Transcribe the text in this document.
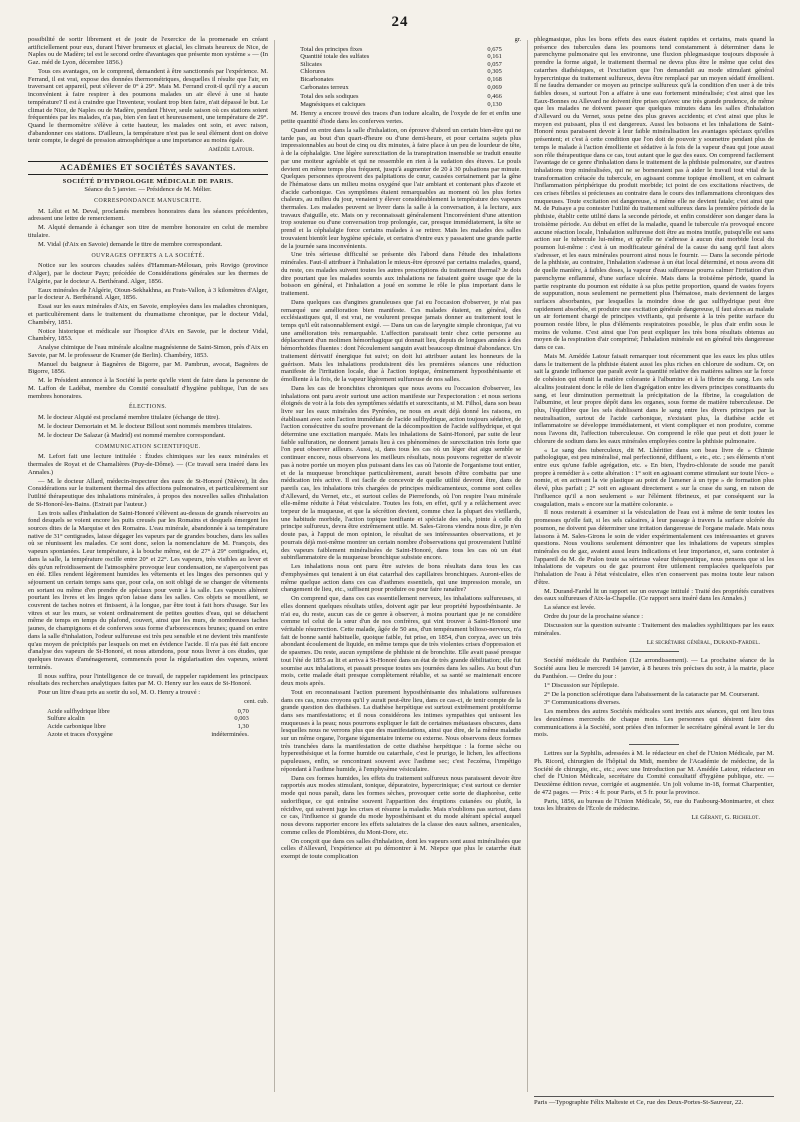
24

possibilité de sortir librement et de jouir de l'exercice de la promenade en créant artificiellement pour eux, durant l'hiver brumeux et glacial, les climats heureux de Nice, de Naples ou de Madère; tel est le second ordre d'avantages que présente mon système » — (In Gaz. méd de Lyon, décembre 1856.)

Tous ces avantages, on le comprend, demandent à être sanctionnés par l'expérience. M. Ferrand, il est vrai, expose des données thermométriques, desquelles il résulte que l'air, en traversant cet appareil, peut s'élever de 0° à 29°. Mais M. Ferrand croit-il qu'il n'y a aucun inconvénient à faire respirer à des poumons malades un air élevé à une si haute température? Il est à craindre que l'inventeur, voulant trop bien faire, n'ait dépassé le but. Le climat de Nice, de Naples ou de Madère, pendant l'hiver, seule saison où ces stations soient fréquentées par les malades, n'a pas, bien s'en faut et heureusement, une température de 29°. Quand le thermomètre s'élève à cette hauteur, les malades ont soin, et avec raison, d'abandonner ces stations. D'ailleurs, la température n'est pas le seul élément dont on doive tenir compte, le degré de pression atmosphérique a une importance au moins égale.

Amédée Latour.

ACADÉMIES ET SOCIÉTÉS SAVANTES.
SOCIÉTÉ D'HYDROLOGIE MÉDICALE DE PARIS.
Séance du 5 janvier. — Présidence de M. Mélier.
CORRESPONDANCE MANUSCRITE.

M. Lélut et M. Deval, proclamés membres honoraires dans les séances précédentes, adressent une lettre de remerciement.

M. Alquié demande à échanger son titre de membre honoraire en celui de membre titulaire.

M. Vidal (d'Aix en Savoie) demande le titre de membre correspondant.

OUVRAGES OFFERTS A LA SOCIÉTÉ.

Notice sur les sources chaudes salées d'Hamman-Mélouan, près Rovigo (province d'Alger), par le docteur Payn; précédée de Considérations générales sur les thermes de l'Algérie, par le docteur A. Berthérand. Alger, 1856.

Eaux minérales de l'Algérie, Oioun-Sekhakhna, au Frais-Vallon, à 3 kilomètres d'Alger, par le docteur A. Berthérand. Alger, 1856.

Essai sur les eaux minérales d'Aix, en Savoie, employées dans les maladies chroniques, et particulièrement dans le traitement du rhumatisme chronique, par le docteur Vidal, Chambéry, 1851.

Notice historique et médicale sur l'hospice d'Aix en Savoie, par le docteur Vidal, Chambéry, 1853.

Analyse chimique de l'eau minérale alcaline magnésienne de Saint-Simon, près d'Aix en Savoie, par M. le professeur de Kramer (de Berlin). Chambéry, 1853.

Manuel du baigneur à Bagnères de Bigorre, par M. Pambrun, avocat, Bagnères de Bigorre, 1856.

M. le Président annonce à la Société la perte qu'elle vient de faire dans la personne de M. Laffon de Ladébat, membre du Comité consultatif d'hygiène publique, l'un de ses membres honoraires.

ÉLECTIONS.

M. le docteur Alquié est proclamé membre titulaire (échange de titre).

M. le docteur Demortain et M. le docteur Billout sont nommés membres titulaires.

M. le docteur De Salazar (à Madrid) est nommé membre correspondant.

COMMUNICATION SCIENTIFIQUE.

M. Lefort fait une lecture intitulée : Études chimiques sur les eaux minérales et thermales de Royat et de Chamalières (Puy-de-Dôme). — (Ce travail sera inséré dans les Annales.)

— M. le docteur Allard, médecin-inspecteur des eaux de St-Honoré (Nièvre), lit des Considérations sur le traitement thermal des affections pulmonaires, et particulièrement sur l'utilité thérapeutique des inhalations minérales, à propos des nouvelles salles d'inhalation de St-Honoré-les-Bains. (Extrait par l'auteur.)

Les trois salles d'inhalation de Saint-Honoré s'élèvent au-dessus de grands réservoirs au fond desquels se voient encore les puits creusés par les Romains et desquels émergent les sources dites de la Marquise et des Romains. L'eau minérale, abandonnée à sa température native de 31° centigrades, laisse dégager les vapeurs par de grandes bouches, dans les salles où se réunissent les malades. Ce sont donc, selon la nomenclature de M. François, des vapeurs spontanées. Leur température, à la bouche même, est de 27° à 29° centigrades, et, dans la salle, la température oscille entre 20° et 22°. Les vapeurs, très visibles au lever et dès qu'un refroidissement de l'atmosphère provoque leur condensation, ne s'aperçoivent pas en été. Elles rendent légèrement humides les vêtements et les linges des personnes qui y séjournent un certain temps sans que, pour cela, on soit obligé de se changer de vêtements en sortant ou même d'en prendre de spéciaux pour venir à la salle. Les vapeurs altèrent pourtant les livres et les linges qu'on laisse dans les salles. Ces objets se mouillent, se couvrent de taches noires et finissent, à la longue, par être tout à fait hors d'usage. Sur les vitres et sur les murs, se voient ordinairement de petites gouttes d'eau, qui se détachent même de temps en temps du plafond, couvert, ainsi que les murs, de nombreuses taches jaunes, de champignons et de conferves sous forme d'arborescences brunes; quand on entre dans la salle d'inhalation, l'odeur sulfureuse est très peu sensible et ne devient très manifeste qu'au moyen de précipités par lesquels on met en évidence l'acide. Il n'a pas été fait encore d'analyse des vapeurs de St-Honoré, et nous attendons, pour nous livrer à ces études, que quelques travaux d'aménagement, commencés pour la régularisation des vapeurs, soient terminés.

Il nous suffira, pour l'intelligence de ce travail, de rappeler rapidement les principaux résultats des recherches analytiques faites par M. O. Henry sur les eaux de St-Honoré.

Pour un litre d'eau pris au sortir du sol, M. O. Henry a trouvé :

cent. cub.
Acide sulfhydrique libre	0,70
Sulfure alcalin	0,003
Acide carbonique libre	1,30
Azote et traces d'oxygène	indéterminées.
gr.
Total des principes fixes	0,675
Quantité totale des sulfates	0,161
Silicates	0,057
Chlorures	0,305
Bicarbonates	0,168
Carbonates terreux	0,069
Total des sels sodiques	0,466
Magnésiques et calciques	0,130

M. Henry a encore trouvé des traces d'un iodure alcalin, de l'oxyde de fer et enfin une petite quantité d'iode dans les conferves vertes.

Quand on entre dans la salle d'inhalation, on éprouve d'abord un certain bien-être qui ne tarde pas, au bout d'un quart-d'heure ou d'une demi-heure, et pour certains sujets plus impressionnables au bout de cinq ou dix minutes, à faire place à un peu de lourdeur de tête, à de la céphalalgie. Une légère surexcitation de la transpiration insensible se traduit ensuite par une moiteur agréable et qui ne ressemble en rien à la sudation des étuves. Le pouls devient en même temps plus fréquent, jusqu'à augmenter de 20 à 30 pulsations par minute. Quelques personnes éprouvent des palpitations de cœur, causées certainement par la gêne de l'hématose dans un milieu moins oxygéné que l'air ambiant et contenant plus d'azote et d'acide carbonique. Ces symptômes étaient remarquables au moment où les plus fortes chaleurs, au milieu du jour, venaient y élever considérablement la température des vapeurs thermales. Les malades peuvent se livrer dans la salle à la conversation, à la lecture, aux travaux d'aiguille, etc. Mais on y reconnaissait généralement l'inconvénient d'une attention trop soutenue ou d'une conversation trop prolongée, car, presque immédiatement, la tête se prend et la céphalalgie force certains malades à se retirer. Mais les malades des salles trouvaient bientôt leur hygiène spéciale, et certains d'entre eux y passaient une grande partie de la journée sans inconvénients.

Une très sérieuse difficulté se présente dès l'abord dans l'étude des inhalations minérales. Faut-il attribuer à l'inhalation le mieux-être éprouvé par certains malades, quand, du reste, ces malades suivent toutes les autres prescriptions du traitement thermal? Je dois dire pourtant que les malades soumis aux inhalations ne faisaient guère usage que de la boisson en général, et l'inhalation a joué en somme le rôle le plus important dans le traitement.

Dans quelques cas d'angines granuleuses que j'ai eu l'occasion d'observer, je n'ai pas remarqué une amélioration bien manifeste. Ces malades étaient, en général, des ecclésiastiques qui, il est vrai, ne voulurent presque jamais donner au traitement tout le temps qu'il eût raisonnablement exigé. — Dans un cas de laryngite simple chronique, j'ai vu une amélioration très remarquable. L'affection paraissait tenir chez cette personne au déplacement d'un molimen hémorrhagique qui donnait lieu, depuis de longues années à des hémorrhoïdes fluentes : dont l'écoulement sanguin avait beaucoup diminué d'abondance. Un traitement dérivatif énergique fut suivi; on doit lui attribuer autant les honneurs de la guérison. Mais les inhalations produisirent dès les premières séances une réduction manifeste de l'irritation locale, due à l'action topique, éminemment hyposthénisante et émolliente à la fois, de la vapeur légèrement sulfureuse de nos salles.

Dans les cas de bronchites chroniques que nous avons eu l'occasion d'observer, les inhalations ont paru avoir surtout une action manifeste sur l'expectoration : et nous serions éloignés de voir à la fois des symptômes sédatifs et surexcitants, si M. Filhol, dans son beau livre sur les eaux minérales des Pyrénées, ne nous en avait déjà donné les raisons, en établissant avec soin l'action immédiate de l'acide sulfhydrique, action toujours sédative, de l'action consécutive du soufre provenant de la décomposition de l'acide sulfhydrique, et qui détermine une excitation marquée. Mais les inhalations de Saint-Honoré, par suite de leur faible sulfuration, ne donnent jamais lieu à ces phénomènes de surexcitation très forte que l'on peut observer ailleurs. Aussi, si, dans tous les cas où un léger état aigu semble se continuer encore, nous observons les meilleurs résultats, nous pouvons regretter de n'avoir pas à notre portée un moyen plus puissant dans les cas où l'atonie de l'organisme tout entier, et de la muqueuse bronchique particulièrement, aurait besoin d'être combattu par une médication très active. Il est facile de concevoir de quelle utilité devront être, dans de pareils cas, les inhalations très chargées de principes médicamenteux, comme sont celles d'Allevard, du Vernet, etc., et surtout celles de Pierrefonds, où l'on respire l'eau minérale elle-même réduite à l'état vésiculaire. Toutes les fois, en effet, qu'il y a relâchement avec torpeur de la muqueuse, et que la sécrétion devient, comme chez la plupart des vieillards, une habitude morbide, l'action topique tonifiante et spéciale des sels, jointe à celle du principe sulfureux, devra être extrêmement utile. M. Sales-Girons viendra nous dire, je n'en doute pas, à l'appui de mon opinion, le résultat de ses intéressantes observations, et je pourrais déjà moi-même montrer un certain nombre d'observations qui prouveraient l'utilité des vapeurs faiblement minéralisées de Saint-Honoré, dans tous les cas où un état subinflammatoire de la muqueuse bronchique subsiste encore.

Les inhalations nous ont paru être suivies de bons résultats dans tous les cas d'emphysèmes qui tenaient à un état catarrhal des capillaires bronchiques. Auront-elles de même quelque action dans ces cas d'asthmes essentiels, qui une impression morale, un changement de lieu, etc., suffisent pour produire ou pour faire ranaître?

On comprend que, dans ces cas essentiellement nerveux, les inhalations sulfureuses, si elles donnent quelques résultats utiles, doivent agir par leur propriété hyposthénisante. Je n'ai eu, du reste, aucun cas de ce genre à observer, à moins pourtant que je ne considère comme tel celui de la sœur d'un de nos confrères, qui vint trouver à Saint-Honoré une véritable résurrection. Cette malade, âgée de 50 ans, d'un tempérament bilioso-nerveux, n'a fait de bonne santé habituelle, quoique faible, fut prise, en 1854, d'un coryza, avec un très abondant écoulement de liquide, en même temps que de très violentes crises d'oppression et de spasmes. Du reste, aucun symptôme de phthisie ni de bronchite. Elle avait passé presque tout l'été de 1855 au lit et arriva à St-Honoré dans un état de très grande débilitation; elle fut soumise aux inhalations, et passait presque toutes ses journées dans les salles. Au bout d'un mois, cette malade était presque complètement rétablie, et sa santé se maintenait encore deux mois après.

Tout en reconnaissant l'action purement hyposthénisante des inhalations sulfureuses dans ces cas, nous croyons qu'il y aurait peut-être lieu, dans ce cas-ci, de tenir compte de la grande question des diathèses. La diathèse herpétique est surtout extrêmement protéiforme dans ses manifestations; et il nous considérons les intimes sympathies qui unissent les muqueuses à la peau; nous pourrons expliquer le fait de certaines métastases obscures, dans lesquelles nous ne verrons plus que des manifestations, ainsi que dire, de la même maladie sur un même organe, l'organe tégumentaire interne ou externe. Nous observons deux formes très tranchées dans la manifestation de cette diathèse herpétique : la forme sèche ou hyperesthésique et la forme humide ou catarrhale, c'est le prurigo, le lichen, les affections papuleuses, enfin, se rencontrant souvent avec l'asthme sec; c'est l'eczéma, l'impétigo répondant à l'asthme humide, à l'emphysème vésiculaire.

Dans ces formes humides, les effets du traitement sulfureux nous paraissent devoir être rapportés aux modes stimulant, tonique, dépuratoire, hypercrinique; c'est surtout ce dernier mode qui nous paraît, dans les formes sèches, provoquer cette sorte de diaphorèse, cette sudorifique, ce qui entraîne souvent l'apparition des éruptions cutanées ou plutôt, la récidive, qui suivent juge les crises et résume la maladie. Mais n'oublions pas surtout, dans ce cas, l'influence si grande du mode hyposthénisant et du mode altérant spécial auquel nous devons rapporter encore les effets salutaires de la classe des eaux salines, arsenicales, comme celles de Plombières, du Mont-Dore, etc.

On conçoit que dans ces salles d'inhalation, dont les vapeurs sont aussi minéralisées que celles d'Allevard, l'expérience ait pu démontrer à M. Niepce que plus le catarrhe était exempt de toute complication

phlegmasique, plus les bons effets des eaux étaient rapides et certains, mais quand la présence des tubercules dans les poumons tend constamment à déterminer dans le parenchyme pulmonaire qui les environne, une fluxion phlegmasique toujours disposée à prendre la forme aiguë, le traitement thermal ne devra plus être le même que celui des catarrhes diathésiques, et l'excitation que l'on demandait au mode stimulant général hypercrinique du traitement sulfureux, devra être remplacé par un moyen sédatif émollient. Il ne faudra demander ce moyen au principe sulfureux qu'à la condition d'en user à de très faibles doses, si surtout l'on a affaire à une eau fortement minéralisée; c'est ainsi que les Eaux-Bonnes ou Allevard ne doivent être prises qu'avec une très grande prudence, de même que les malades ne doivent passer que quelques minutes dans les salles d'inhalation d'Allevard ou du Vernet, sous peine des plus graves accidents; et c'est ainsi que plus le moyen est puissant, plus il est dangereux. Aussi les boissons et les inhalations de Saint-Honoré nous paraissent devoir à leur faible minéralisation les avantages spéciaux qu'elles présentent; et c'est à cette condition que l'on doit de pouvoir y soumettre pendant plus de temps le malade à l'action émolliente et sédative à la fois de la vapeur d'eau qui joue aussi son rôle thérapeutique dans ce cas, tout autant que le gaz des eaux. On comprend facilement l'avantage de ce genre d'inhalation dans le traitement de la phthisie pulmonaire, sur d'autres inhalations trop minéralisées, qui ne se borneraient pas à aider le travail tout vital de la transformation crétacée du tubercule, en agissant comme topique émollient, et en calmant l'inflammation périphérique du produit morbide; ici point de ces excitations réactives, de ces crises fébriles si précieuses au contraire dans le cours des inflammations chroniques des muqueuses. Toute excitation est dangereuse, si même elle ne devient fatale; c'est ainsi que M. de Puisaye a pu contester l'utilité du traitement sulfureux dans la première période de la phthisie, établir cette utilité dans la seconde période, et enfin considérer son danger dans la troisième période. Au début en effet de la maladie, quand le tubercule n'a provoqué encore aucune réaction locale, l'inhalation sulfureuse doit être au moins inutile, puisqu'elle est sans action sur le tubercule lui-même, et qu'elle ne s'adresse à aucun état morbide local du poumon lui-même : c'est à un modificateur général de la cause du sang qu'il faut alors s'adresser, et les eaux minérales pourront ainsi nous le fournir. — Dans la seconde période de la phthisie, au contraire, l'inhalation s'adresse à un état local déterminé, et nous avons dit de quelle manière, à faibles doses, la vapeur d'eau sulfureuse pourra calmer l'irritation d'un parenchyme enflammé, d'une surface ulcérée. Mais dans la troisième période, quand la partie respirante du poumon est réduite à sa plus petite proportion, quand de vastes foyers de suppuration, nous seulement ne permettent plus l'hématose, mais deviennent de larges surfaces absorbantes, par lesquelles la moindre dose de gaz sulfhydrique peut être rapidement absorbée, et produire une excitation générale dangereuse, il faut alors au malade un air fortement chargé de principes vivifiants, qui présente à la très petite surface du poumon restée libre, le plus d'éléments respiratoires possible, le plus d'air enfin sous le moins de volume. C'est ainsi que l'on peut expliquer les très bons résultats obtenus au moyen de la respiration d'air comprimé; l'inhalation minérale est en général très dangereuse dans ce cas.

Mais M. Amédée Latour faisait remarquer tout récemment que les eaux les plus utiles dans le traitement de la phthisie étaient aussi les plus riches en chlorure de sodium. Or, on sait la grande influence que paraît avoir la quantité relative des matières salines sur la force de cohésion qui réunit la matière colorante à l'albumine et à la fibrine du sang. Les sels alcalins jouiraient donc le rôle de lien d'agrégation entre les divers principes constituants du sang, et leur diminution permettrait la précipitation de la fibrine, la coagulation de l'albumine, et leur propre dépôt dans les organes, sous forme de matière tuberculeuse. De plus, l'équilibre que les sels établissent dans le sang entre les divers principes par la neutralisation, surtout de l'acide carbonique, n'existant plus, la diathèse acide et inflammatoire se développe immédiatement, et vient compliquer et non produire, comme nous l'avons dit, l'affection tuberculeuse. On comprend le rôle que peut et doit jouer le chlorure de sodium dans les eaux minérales employées contre la phthisie pulmonaire.

« Le sang des tuberculeux, dit M. Lhéritier dans son beau livre de » Chimie pathologique, est peu minéralisé, mal perfectionné, diffluent, » etc., etc. ; ses éléments n'ont entre eux qu'une faible agrégation, etc. » En bien, l'hydro-chlorate de soude me paraît propre à remédier à » cette altération : 1° soit en agissant comme stimulant sur toute l'éco- » nomie, et en activant la vie plastique au point de l'amener à un type » de formation plus élevé, plus parfait ; 2° soit en agissant directement » sur la crase du sang, en raison de l'influence qu'il a non seulement » sur l'élément fibrineux, et par conséquent sur la coagulation, mais » encore sur la matière colorante. »

Il nous resterait à examiner si la vésiculation de l'eau est à même de tenir toutes les promesses qu'elle fait, si les sels calcaires, à leur passage à travers la surface ulcérée du poumon, ne doivent pas déterminer une irritation dangereuse de l'organe malade. Mais nous laissons à M. Sales-Girons le soin de vider expérimentalement ces intéressantes et graves questions. Nous voulions seulement démontrer que les inhalations de vapeurs simples minérales ou de gaz, avaient aussi leurs indications et leur importance, et, sans contester à l'appareil de M. de Pralon toute sa sérieuse valeur thérapeutique, nous pensons que si les inhalations de vapeurs ou de gaz pourront être utilement remplacées quelquefois par l'inhalation de l'eau à l'état vésiculaire, elles n'en conservent pas moins toute leur raison d'être.

M. Durand-Fardel lit un rapport sur un ouvrage intitulé : Traité des propriétés curatives des eaux sulfureuses d'Aix-la-Chapelle. (Ce rapport sera inséré dans les Annales.)

La séance est levée.

Ordre du jour de la prochaine séance :

Discussion sur la question suivante : Traitement des maladies syphilitiques par les eaux minérales.

Le secrétaire général, Durand-Fardel.

Société médicale du Panthéon (12e arrondissement). — La prochaine séance de la Société aura lieu le mercredi 14 janvier, à 8 heures très précises du soir, à la mairie, place du Panthéon. — Ordre du jour :

1° Discussion sur l'épilepsie.

2° De la ponction sclérotique dans l'abaissement de la cataracte par M. Courserant.

3° Communications diverses.

Les membres des autres Sociétés médicales sont invités aux séances, qui ont lieu tous les deuxièmes mercredis de chaque mois. Les personnes qui désirent faire des communications à la Société, sont priées d'en informer le secrétaire général avant le 1er du mois.

Lettres sur la Syphilis, adressées à M. le rédacteur en chef de l'Union Médicale, par M. Ph. Ricord, chirurgien de l'hôpital du Midi, membre de l'Académie de médecine, de la Société de chirurgie, etc., etc.; avec une Introduction par M. Amédée Latour, rédacteur en chef de l'Union Médicale, secrétaire du Comité consultatif d'hygiène publique, etc. — Deuxième édition revue, corrigée et augmentée. Un joli volume in-18, format Charpentier, de 472 pages. — Prix : 4 fr. pour Paris, et 5 fr. pour la province.

Paris, 1856, au bureau de l'Union Médicale, 56, rue du Faubourg-Montmartre, et chez tous les libraires de l'École de médecine.

Le Gérant, G. Richelot.

Paris —Typographie Félix Malteste et Ce, rue des Deux-Portes-St-Sauveur, 22.
